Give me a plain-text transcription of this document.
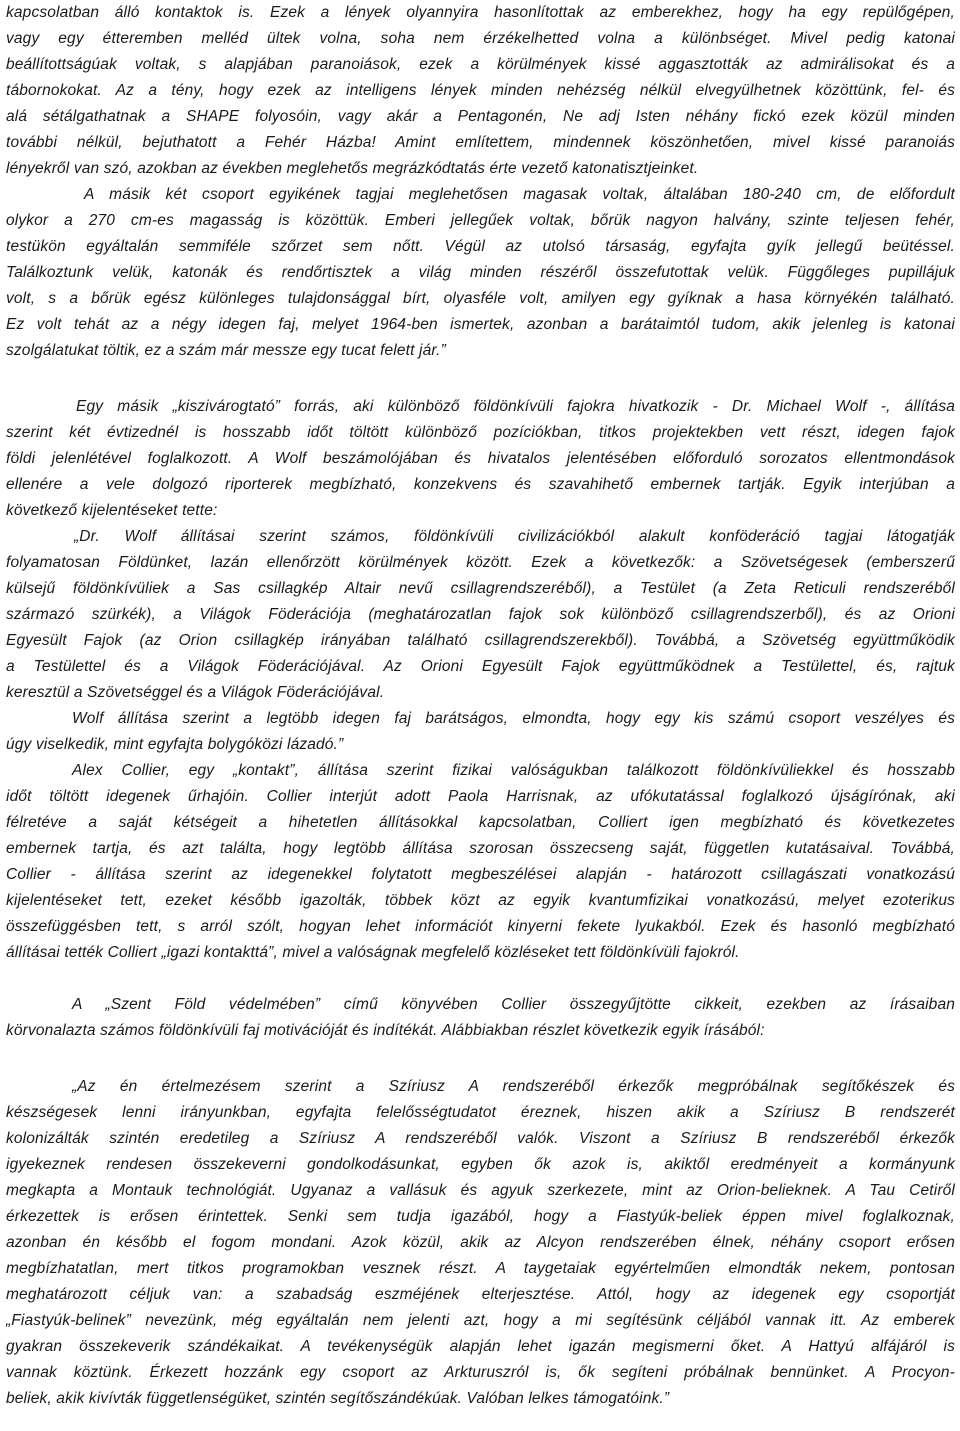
kapcsolatban álló kontaktok is. Ezek a lények olyannyira hasonlítottak az emberekhez, hogy ha egy repülőgépen,
vagy egy étteremben melléd ültek volna, soha nem érzékelhetted volna a különbséget. Mivel pedig katonai
beállítottságúak voltak, s alapjában paranoiások, ezek a körülmények kissé aggasztották az admirálisokat és a
tábornokokat. Az a tény, hogy ezek az intelligens lények minden nehézség nélkül elvegyülhetnek közöttünk, fel- és
alá sétálgathatnak a SHAPE folyosóin, vagy akár a Pentagonén, Ne adj Isten néhány fickó ezek közül minden
további nélkül, bejuthatott a Fehér Házba! Amint említettem, mindennek köszönhetően, mivel kissé paranoiás
lényekről van szó, azokban az években meglehetős megrázkódtatás érte vezető katonatisztjeinket.
A másik két csoport egyikének tagjai meglehetősen magasak voltak, általában 180-240 cm, de előfordult
olykor a 270 cm-es magasság is közöttük. Emberi jellegűek voltak, bőrük nagyon halvány, szinte teljesen fehér,
testükön egyáltalán semmiféle szőrzet sem nőtt. Végül az utolsó társaság, egyfajta gyík jellegű beütéssel.
Találkoztunk velük, katonák és rendőrtisztek a világ minden részéről összefutottak velük. Függőleges pupillájuk
volt, s a bőrük egész különleges tulajdonsággal bírt, olyasféle volt, amilyen egy gyíknak a hasa környékén található.
Ez volt tehát az a négy idegen faj, melyet 1964-ben ismertek, azonban a barátaimtól tudom, akik jelenleg is katonai
szolgálatukat töltik, ez a szám már messze egy tucat felett jár.”
Egy másik „kiszivárogtató” forrás, aki különböző földönkívüli fajokra hivatkozik - Dr. Michael Wolf -, állítása
szerint két évtizednél is hosszabb időt töltött különböző pozíciókban, titkos projektekben vett részt, idegen fajok
földi jelenlétével foglalkozott. A Wolf beszámolójában és hivatalos jelentésében előforduló sorozatos ellentmondások
ellenére a vele dolgozó riporterek megbízható, konzekvens és szavahihető embernek tartják. Egyik interjúban a
következő kijelentéseket tette:
„Dr. Wolf állításai szerint számos, földönkívüli civilizációkból alakult konföderáció tagjai látogatják
folyamatosan Földünket, lazán ellenőrzött körülmények között. Ezek a következők: a Szövetségesek (emberszerű
külsejű földönkívüliek a Sas csillagkép Altair nevű csillagrendszeréből), a Testület (a Zeta Reticuli rendszeréből
származó szürkék), a Világok Föderációja (meghatározatlan fajok sok különböző csillagrendszerből), és az Orioni
Egyesült Fajok (az Orion csillagkép irányában található csillagrendszerekből). Továbbá, a Szövetség együttműködik
a Testülettel és a Világok Föderációjával. Az Orioni Egyesült Fajok együttműködnek a Testülettel, és, rajtuk
keresztül a Szövetséggel és a Világok Föderációjával.
Wolf állítása szerint a legtöbb idegen faj barátságos, elmondta, hogy egy kis számú csoport veszélyes és
úgy viselkedik, mint egyfajta bolygóközi lázadó.”
Alex Collier, egy „kontakt”, állítása szerint fizikai valóságukban találkozott földönkívüliekkel és hosszabb
időt töltött idegenek űrhajóin. Collier interjút adott Paola Harrisnak, az ufókutatással foglalkozó újságírónak, aki
félretéve a saját kétségeit a hihetetlen állításokkal kapcsolatban, Colliert igen megbízható és következetes
embernek tartja, és azt találta, hogy legtöbb állítása szorosan összecseng saját, független kutatásaival. Továbbá,
Collier - állítása szerint az idegenekkel folytatott megbeszélései alapján - határozott csillagászati vonatkozású
kijelentéseket tett, ezeket később igazolták, többek közt az egyik kvantumfizikai vonatkozású, melyet ezoterikus
összefüggésben tett, s arról szólt, hogyan lehet információt kinyerni fekete lyukakból. Ezek és hasonló megbízható
állításai tették Colliert „igazi kontakttá”, mivel a valóságnak megfelelő közléseket tett földönkívüli fajokról.
A „Szent Föld védelmében” című könyvében Collier összegyűjtötte cikkeit, ezekben az írásaiban
körvonalazta számos földönkívüli faj motivációját és indítékát. Alábbiakban részlet következik egyik írásából:
„Az én értelmezésem szerint a Szíriusz A rendszeréből érkezők megpróbálnak segítőkészek és
készségesek lenni irányunkban, egyfajta felelősségtudatot éreznek, hiszen akik a Szíriusz B rendszerét
kolonizálták szintén eredetileg a Szíriusz A rendszeréből valók. Viszont a Szíriusz B rendszeréből érkezők
igyekeznek rendesen összekeverni gondolkodásunkat, egyben ők azok is, akiktől eredményeit a kormányunk
megkapta a Montauk technológiát. Ugyanaz a vallásuk és agyuk szerkezete, mint az Orion-belieknek. A Tau Cetiről
érkezettek is erősen érintettek. Senki sem tudja igazából, hogy a Fiastyúk-beliek éppen mivel foglalkoznak,
azonban én később el fogom mondani. Azok közül, akik az Alcyon rendszerében élnek, néhány csoport erősen
megbízhatatlan, mert titkos programokban vesznek részt. A taygetaiak egyértelműen elmondták nekem, pontosan
meghatározott céljuk van: a szabadság eszméjének elterjesztése. Attól, hogy az idegenek egy csoportját
„Fiastyúk-belinek” nevezünk, még egyáltalán nem jelenti azt, hogy a mi segítésünk céljából vannak itt. Az emberek
gyakran összekeverik szándékaikat. A tevékenységük alapján lehet igazán megismerni őket. A Hattyú alfájáról is
vannak köztünk. Érkezett hozzánk egy csoport az Arkturuszról is, ők segíteni próbálnak bennünket. A Procyon-
beliek, akik kivívták függetlenségüket, szintén segítőszándékúak. Valóban lelkes támogatóink.”
